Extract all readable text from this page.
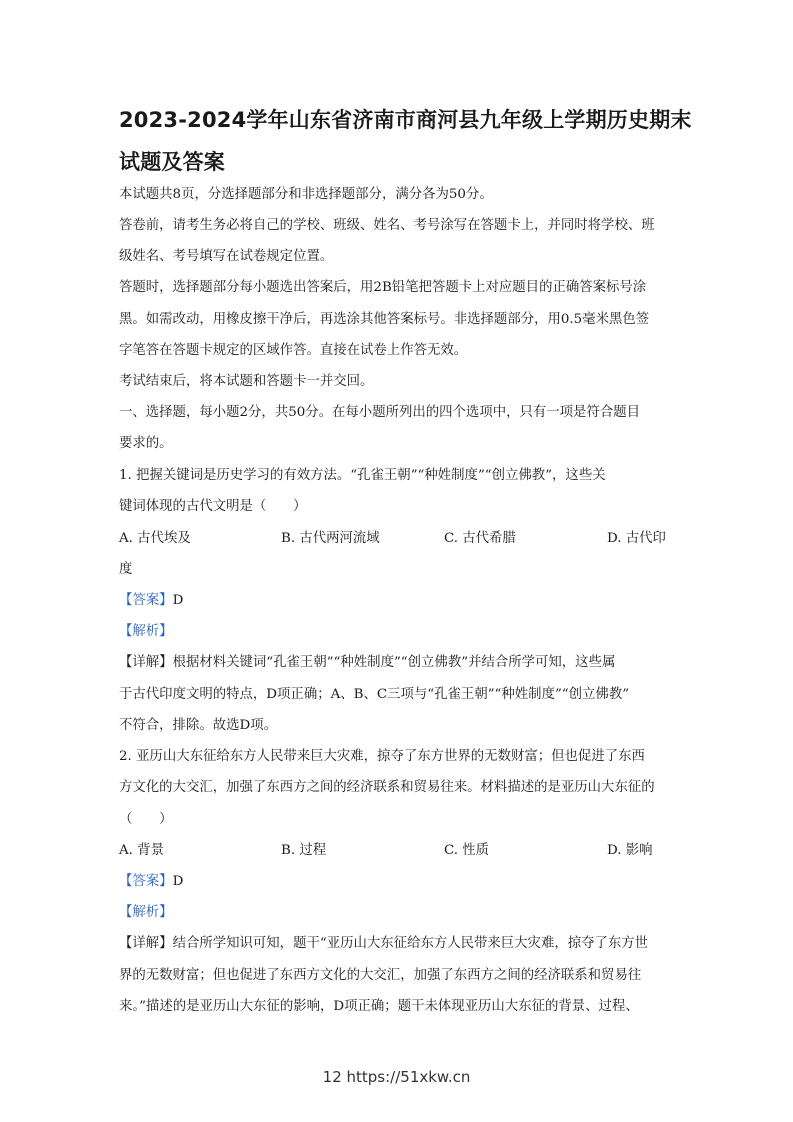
2023-2024学年山东省济南市商河县九年级上学期历史期末
试题及答案
本试题共8页，分选择题部分和非选择题部分，满分各为50分。
答卷前，请考生务必将自己的学校、班级、姓名、考号涂写在答题卡上，并同时将学校、班
级姓名、考号填写在试卷规定位置。
答题时，选择题部分每小题选出答案后，用2B铅笔把答题卡上对应题目的正确答案标号涂
黑。如需改动，用橡皮擦干净后，再选涂其他答案标号。非选择题部分，用0.5毫米黑色签
字笔答在答题卡规定的区域作答。直接在试卷上作答无效。
考试结束后，将本试题和答题卡一并交回。
一、选择题，每小题2分，共50分。在每小题所列出的四个选项中，只有一项是符合题目
要求的。
1. 把握关键词是历史学习的有效方法。“孔雀王朝”“种姓制度”“创立佛教”，这些关
键词体现的古代文明是（　　）
A. 古代埃及	B. 古代两河流域	C. 古代希腊	D. 古代印
度
【答案】D
【解析】
【详解】根据材料关键词“孔雀王朝”“种姓制度”“创立佛教”并结合所学可知，这些属
于古代印度文明的特点，D项正确；A、B、C三项与“孔雀王朝”“种姓制度”“创立佛教”
不符合，排除。故选D项。
2. 亚历山大东征给东方人民带来巨大灾难，掠夺了东方世界的无数财富；但也促进了东西
方文化的大交汇，加强了东西方之间的经济联系和贸易往来。材料描述的是亚历山大东征的
（　　）
A. 背景	B. 过程	C. 性质	D. 影响
【答案】D
【解析】
【详解】结合所学知识可知，题干“亚历山大东征给东方人民带来巨大灾难，掠夺了东方世
界的无数财富；但也促进了东西方文化的大交汇，加强了东西方之间的经济联系和贸易往
来。”描述的是亚历山大东征的影响，D项正确；题干未体现亚历山大东征的背景、过程、
12 https://51xkw.cn
